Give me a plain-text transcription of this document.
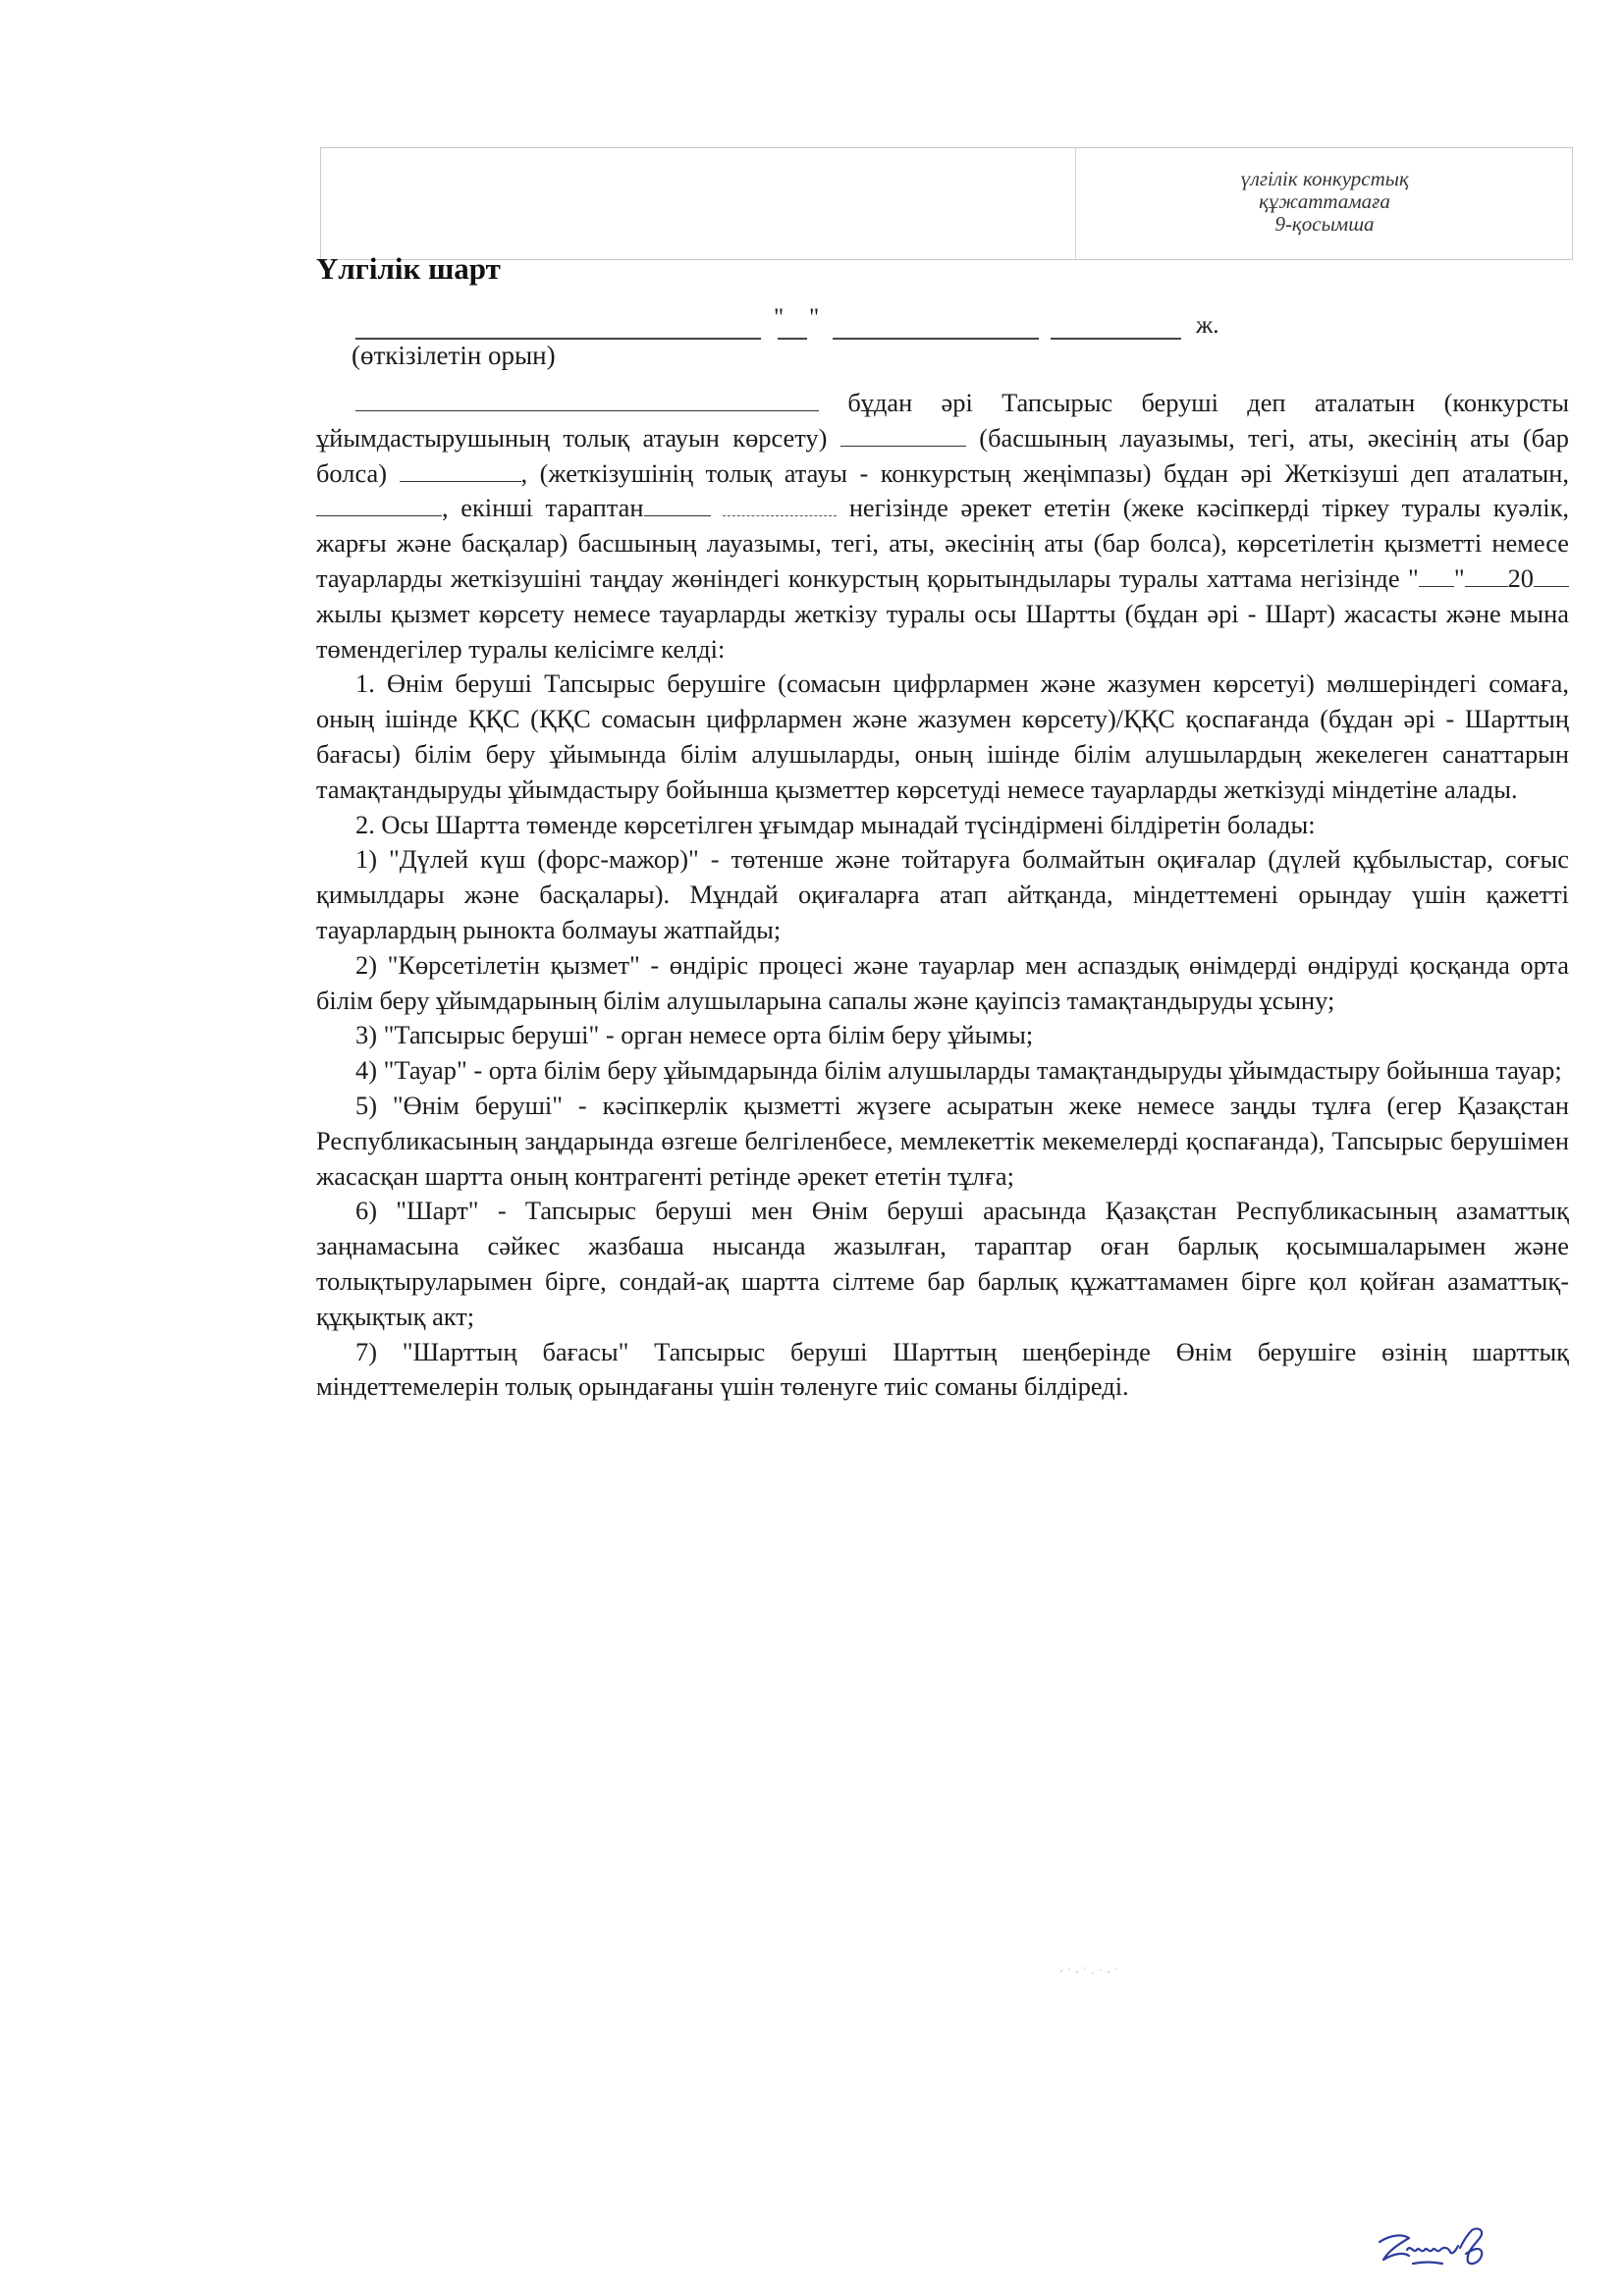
үлгілік конкурстық
құжаттамаға
9-қосымша
Үлгілік шарт
" "	ж.
(өткізілетін орын)

бұдан әрі Тапсырыс беруші деп аталатын (конкурсты ұйымдастырушының толық атауын көрсету)	(басшының лауазымы, тегі, аты, әкесінің аты (бар болса)	, (жеткізушінің толық атауы - конкурстың жеңімпазы) бұдан әрі Жеткізуші деп аталатын, , екінші тараптан	негізінде әрекет ететін (жеке кәсіпкерді тіркеу туралы куәлік, жарғы және басқалар) басшының лауазымы, тегі, аты, әкесінің аты (бар болса), көрсетілетін қызметті немесе тауарларды жеткізушіні таңдау жөніндегі конкурстың қорытындылары туралы хаттама негізінде " " 20 жылы қызмет көрсету немесе тауарларды жеткізу туралы осы Шартты (бұдан әрі - Шарт) жасасты және мына төмендегілер туралы келісімге келді:

1. Өнім беруші Тапсырыс берушіге (сомасын цифрлармен және жазумен көрсетуі) мөлшеріндегі сомаға, оның ішінде ҚҚС (ҚҚС сомасын цифрлармен және жазумен көрсету)/ҚҚС қоспағанда (бұдан әрі - Шарттың бағасы) білім беру ұйымында білім алушыларды, оның ішінде білім алушылардың жекелеген санаттарын тамақтандыруды ұйымдастыру бойынша қызметтер көрсетуді немесе тауарларды жеткізуді міндетіне алады.

2. Осы Шартта төменде көрсетілген ұғымдар мынадай түсіндірмені білдіретін болады:

1) "Дүлей күш (форс-мажор)" - төтенше және тойтаруға болмайтын оқиғалар (дүлей құбылыстар, соғыс қимылдары және басқалары). Мұндай оқиғаларға атап айтқанда, міндеттемені орындау үшін қажетті тауарлардың рынокта болмауы жатпайды;

2) "Көрсетілетін қызмет" - өндіріс процесі және тауарлар мен аспаздық өнімдерді өндіруді қосқанда орта білім беру ұйымдарының білім алушыларына сапалы және қауіпсіз тамақтандыруды ұсыну;

3) "Тапсырыс беруші" - орган немесе орта білім беру ұйымы;

4) "Тауар" - орта білім беру ұйымдарында білім алушыларды тамақтандыруды ұйымдастыру бойынша тауар;

5) "Өнім беруші" - кәсіпкерлік қызметті жүзеге асыратын жеке немесе заңды тұлға (егер Қазақстан Республикасының заңдарында өзгеше белгіленбесе, мемлекеттік мекемелерді қоспағанда), Тапсырыс берушімен жасасқан шартта оның контрагенті ретінде әрекет ететін тұлға;

6) "Шарт" - Тапсырыс беруші мен Өнім беруші арасында Қазақстан Республикасының азаматтық заңнамасына сәйкес жазбаша нысанда жазылған, тараптар оған барлық қосымшаларымен және толықтыруларымен бірге, сондай-ақ шартта сілтеме бар барлық құжаттамамен бірге қол қойған азаматтық-құқықтық акт;

7) "Шарттың бағасы" Тапсырыс беруші Шарттың шеңберінде Өнім берушіге өзінің шарттық міндеттемелерін толық орындағаны үшін төленуге тиіс соманы білдіреді.
